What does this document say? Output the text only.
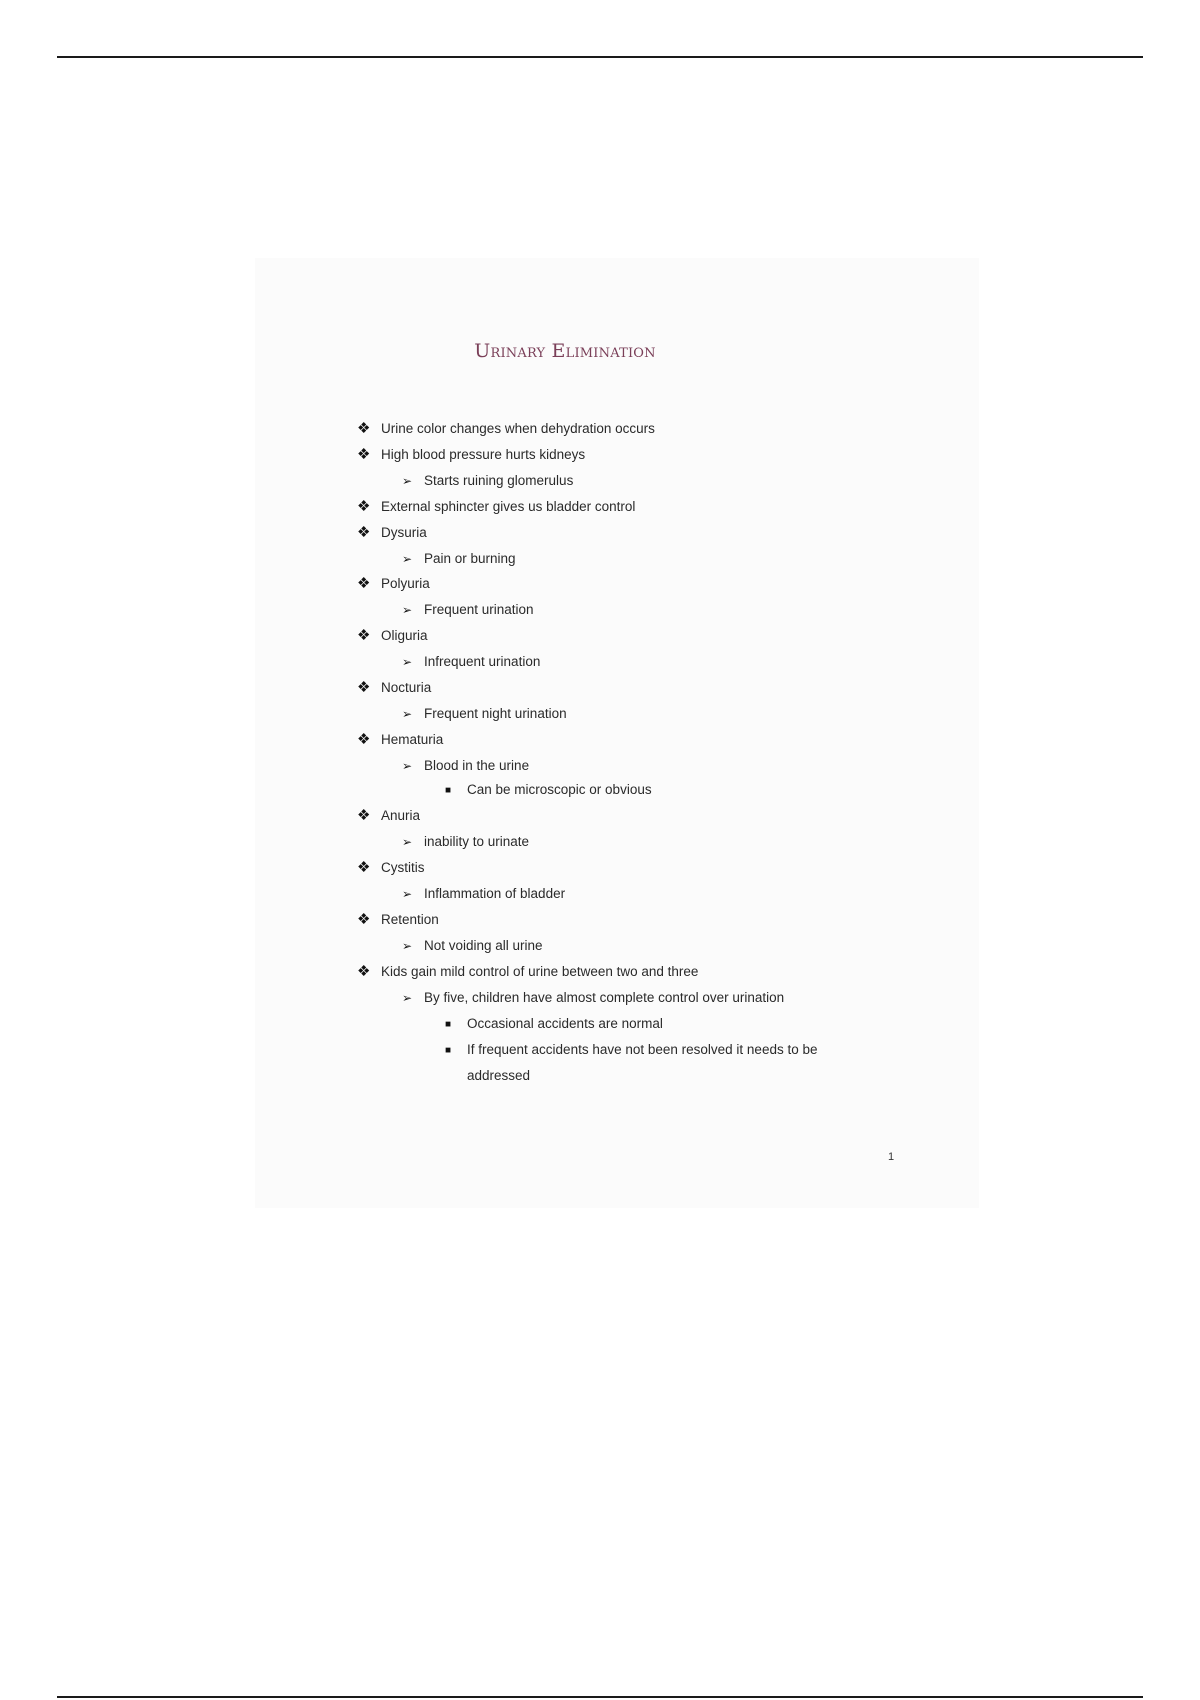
Urinary Elimination
❖ Urine color changes when dehydration occurs
❖ High blood pressure hurts kidneys
➢ Starts ruining glomerulus
❖ External sphincter gives us bladder control
❖ Dysuria
➢ Pain or burning
❖ Polyuria
➢ Frequent urination
❖ Oliguria
➢ Infrequent urination
❖ Nocturia
➢ Frequent night urination
❖ Hematuria
➢ Blood in the urine
■ Can be microscopic or obvious
❖ Anuria
➢ inability to urinate
❖ Cystitis
➢ Inflammation of bladder
❖ Retention
➢ Not voiding all urine
❖ Kids gain mild control of urine between two and three
➢ By five, children have almost complete control over urination
■ Occasional accidents are normal
■ If frequent accidents have not been resolved it needs to be
addressed
1
